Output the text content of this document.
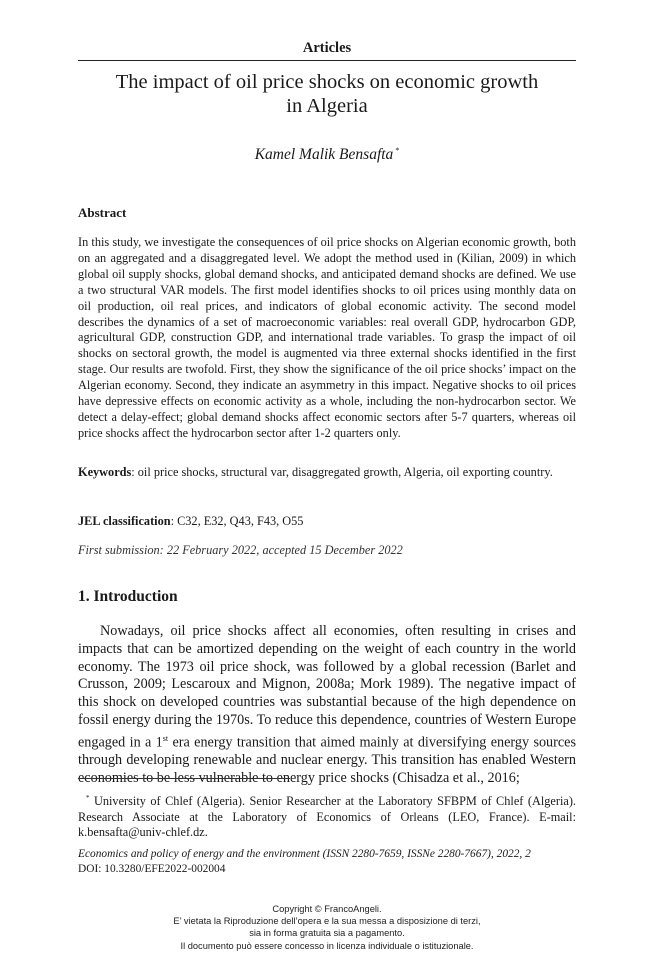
Articles
The impact of oil price shocks on economic growth
in Algeria
Kamel Malik Bensafta *
Abstract

In this study, we investigate the consequences of oil price shocks on Algerian economic growth, both on an aggregated and a disaggregated level. We adopt the method used in (Kilian, 2009) in which global oil supply shocks, global demand shocks, and anticipated demand shocks are defined. We use a two structural VAR models. The first model identifies shocks to oil prices using monthly data on oil production, oil real prices, and indicators of global economic activity. The second model describes the dynamics of a set of macroeconomic variables: real overall GDP, hydrocarbon GDP, agricultural GDP, construction GDP, and international trade variables. To grasp the impact of oil shocks on sectoral growth, the model is augmented via three external shocks identified in the first stage. Our results are twofold. First, they show the significance of the oil price shocks’ impact on the Algerian economy. Second, they indicate an asymmetry in this impact. Negative shocks to oil prices have depressive effects on economic activity as a whole, including the non-hydrocarbon sector. We detect a delay-effect; global demand shocks affect economic sectors after 5-7 quarters, whereas oil price shocks affect the hydrocarbon sector after 1-2 quarters only.

Keywords: oil price shocks, structural var, disaggregated growth, Algeria, oil exporting country.

JEL classification: C32, E32, Q43, F43, O55

First submission: 22 February 2022, accepted 15 December 2022

1. Introduction

Nowadays, oil price shocks affect all economies, often resulting in crises and impacts that can be amortized depending on the weight of each country in the world economy. The 1973 oil price shock, was followed by a global recession (Barlet and Crusson, 2009; Lescaroux and Mignon, 2008a; Mork 1989). The negative impact of this shock on developed countries was substantial because of the high dependence on fossil energy during the 1970s. To reduce this dependence, countries of Western Europe engaged in a 1st era energy transition that aimed mainly at diversifying energy sources through developing renewable and nuclear energy. This transition has enabled Western economies to be less vulnerable to energy price shocks (Chisadza et al., 2016;

* University of Chlef (Algeria). Senior Researcher at the Laboratory SFBPM of Chlef (Algeria). Research Associate at the Laboratory of Economics of Orleans (LEO, France). E-mail: k.bensafta@univ-chlef.dz.

Economics and policy of energy and the environment (ISSN 2280-7659, ISSNe 2280-7667), 2022, 2
DOI: 10.3280/EFE2022-002004

Copyright © FrancoAngeli.
E’ vietata la Riproduzione dell’opera e la sua messa a disposizione di terzi,
sia in forma gratuita sia a pagamento.
Il documento può essere concesso in licenza individuale o istituzionale.
